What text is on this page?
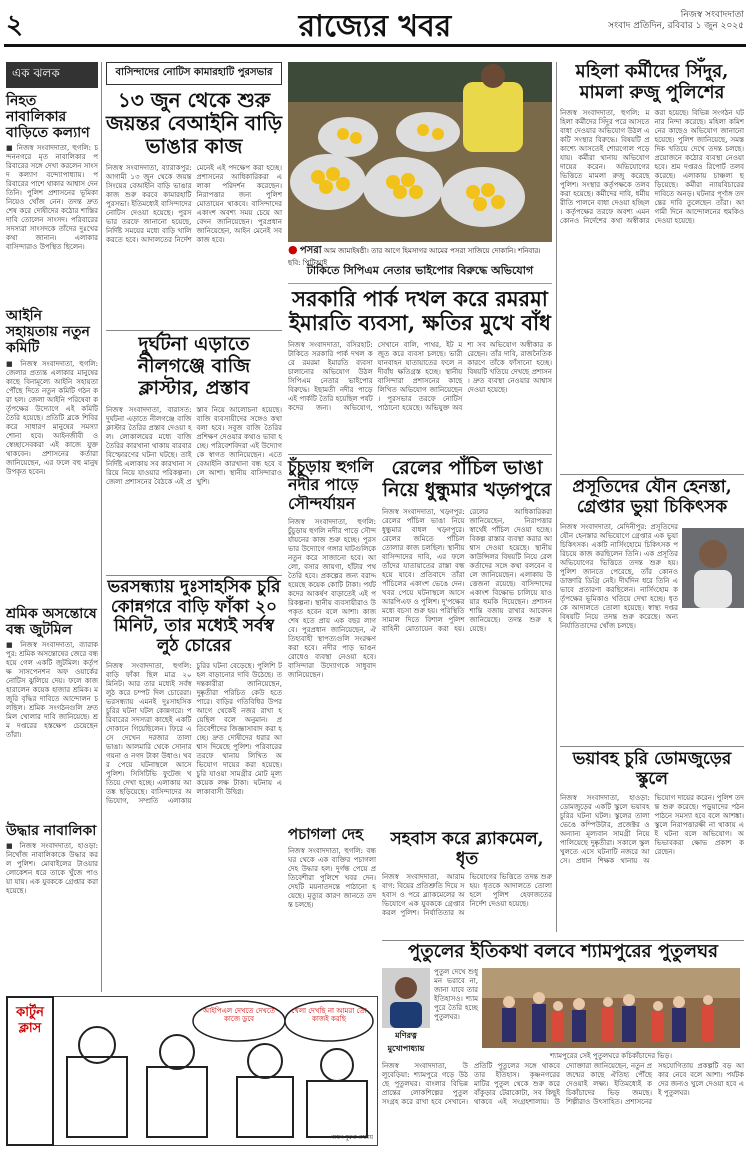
২	রাজ্যের খবর	নিজস্ব সংবাদদাতা
সংবাদ প্রতিদিন, রবিবার ১ জুন ২০২৫
এক ঝলক
নিহত নাবালিকার বাড়িতে কল্যাণ
■ নিজস্ব সংবাদদাতা, হুগলি: চন্দননগরে মৃত নাবালিকার পরিবারের সঙ্গে দেখা করলেন সাংসদ কল্যাণ বন্দ্যোপাধ্যায়। পরিবারের পাশে থাকার আশ্বাস দেন তিনি। পুলিশ প্রশাসনের ভূমিকা নিয়েও খোঁজ নেন। তদন্ত দ্রুত শেষ করে দোষীদের কঠোর শাস্তির দাবি তোলেন সাংসদ। পরিবারের সদস্যরা সাংসদকে তাঁদের দুঃখের কথা জানান। এলাকার বাসিন্দারাও উপস্থিত ছিলেন।
আইনি সহায়তায় নতুন কমিটি
■ নিজস্ব সংবাদদাতা, হুগলি: জেলার প্রত্যন্ত এলাকার মানুষের কাছে বিনামূল্যে আইনি সহায়তা পৌঁছে দিতে নতুন কমিটি গঠন করা হল। জেলা আইনি পরিষেবা কর্তৃপক্ষের উদ্যোগে এই কমিটি তৈরি হয়েছে। প্রতিটি ব্লকে শিবির করে সাধারণ মানুষের সমস্যা শোনা হবে। আইনজীবী ও স্বেচ্ছাসেবকরা এই কাজে যুক্ত থাকবেন। প্রশাসনের কর্তারা জানিয়েছেন, এর ফলে বহু মানুষ উপকৃত হবেন।
শ্রমিক অসন্তোষে বন্ধ জুটমিল
■ নিজস্ব সংবাদদাতা, ব্যারাকপুর: শ্রমিক অসন্তোষের জেরে বন্ধ হয়ে গেল একটি জুটমিল। কর্তৃপক্ষ সাসপেনশন অফ ওয়ার্কের নোটিস ঝুলিয়ে দেয়। ফলে কাজ হারালেন কয়েক হাজার শ্রমিক। মজুরি বৃদ্ধির দাবিতে আন্দোলন চলছিল। শ্রমিক সংগঠনগুলি দ্রুত মিল খোলার দাবি জানিয়েছে। শ্রম দপ্তরের হস্তক্ষেপ চেয়েছেন তাঁরা।
উদ্ধার নাবালিকা
■ নিজস্ব সংবাদদাতা, হাওড়া: নিখোঁজ নাবালিকাকে উদ্ধার করল পুলিশ। মোবাইলের টাওয়ার লোকেশন ধরে তাকে খুঁজে পাওয়া যায়। এক যুবককে গ্রেপ্তার করা হয়েছে।
বাসিন্দাদের নোটিস কামারহাটি পুরসভার
১৩ জুন থেকে শুরু জয়ন্তর বেআইনি বাড়ি ভাঙার কাজ
নিজস্ব সংবাদদাতা, ব্যারাকপুর: আগামী ১৩ জুন থেকে জয়ন্ত সিংয়ের বেআইনি বাড়ি ভাঙার কাজ শুরু করবে কামারহাটি পুরসভা। ইতিমধ্যেই বাসিন্দাদের নোটিস দেওয়া হয়েছে। পুরসভার তরফে জানানো হয়েছে, নির্দিষ্ট সময়ের মধ্যে বাড়ি খালি করতে হবে। আদালতের নির্দেশ মেনেই এই পদক্ষেপ করা হচ্ছে। প্রশাসনের আধিকারিকরা এলাকা পরিদর্শন করেছেন। নিরাপত্তার জন্য পুলিশ মোতায়েন থাকবে। বাসিন্দাদের একাংশ অবশ্য সময় চেয়ে আবেদন জানিয়েছেন। পুরপ্রধান জানিয়েছেন, আইন মেনেই সব কাজ হবে।
দুর্ঘটনা এড়াতে নীলগঞ্জে বাজি ক্লাস্টার, প্রস্তাব
নিজস্ব সংবাদদাতা, বারাসত: দুর্ঘটনা এড়াতে নীলগঞ্জে বাজি ক্লাস্টার তৈরির প্রস্তাব দেওয়া হল। লোকালয়ের মধ্যে বাজি তৈরির কারখানা থাকায় বারবার বিস্ফোরণের ঘটনা ঘটছে। তাই নির্দিষ্ট এলাকায় সব কারখানা সরিয়ে নিয়ে যাওয়ার পরিকল্পনা। জেলা প্রশাসনের বৈঠকে এই প্রস্তাব নিয়ে আলোচনা হয়েছে। বাজি ব্যবসায়ীদের সঙ্গেও কথা বলা হবে। সবুজ বাজি তৈরির প্রশিক্ষণ দেওয়ার কথাও ভাবা হচ্ছে। পরিবেশবিদরা এই উদ্যোগকে স্বাগত জানিয়েছেন। এতে বেআইনি কারখানা বন্ধ হবে বলে আশা। স্থানীয় বাসিন্দারাও খুশি।
● পসরা আম জামাইষষ্ঠী। তার আগে হিমসাগর আমের পসরা সাজিয়ে দোকানি। শনিবার। ছবি: পিটিআই
টাকিতে সিপিএম নেতার ভাইপোর বিরুদ্ধে অভিযোগ
সরকারি পার্ক দখল করে রমরমা ইমারতি ব্যবসা, ক্ষতির মুখে বাঁধ
নিজস্ব সংবাদদাতা, বসিরহাট: টাকিতে সরকারি পার্ক দখল করে রমরমা ইমারতি ব্যবসা চালানোর অভিযোগ উঠল সিপিএম নেতার ভাইপোর বিরুদ্ধে। ইছামতী নদীর পাড়ে এই পার্কটি তৈরি হয়েছিল পর্যটকদের জন্য। অভিযোগ, সেখানে বালি, পাথর, ইট মজুত করে ব্যবসা চলছে। ভারী যানবাহন যাতায়াতের ফলে নদীবাঁধ ক্ষতিগ্রস্ত হচ্ছে। স্থানীয় বাসিন্দারা প্রশাসনের কাছে লিখিত অভিযোগ জানিয়েছেন। পুরসভার তরফে নোটিস পাঠানো হয়েছে। অভিযুক্ত অবশ্য সব অভিযোগ অস্বীকার করেছেন। তাঁর দাবি, রাজনৈতিক কারণে তাঁকে ফাঁসানো হচ্ছে। বিষয়টি খতিয়ে দেখছে প্রশাসন। দ্রুত ব্যবস্থা নেওয়ার আশ্বাস দেওয়া হয়েছে।
চুঁচুড়ায় হুগলি নদীর পাড়ে সৌন্দর্যায়ন
নিজস্ব সংবাদদাতা, হুগলি: চুঁচুড়ায় হুগলি নদীর পাড়ে সৌন্দর্যায়নের কাজ শুরু হচ্ছে। পুরসভার উদ্যোগে গঙ্গার ঘাটগুলিকে নতুন করে সাজানো হবে। আলো, বসার জায়গা, হাঁটার পথ তৈরি হবে। প্রকল্পের জন্য বরাদ্দ হয়েছে কয়েক কোটি টাকা। পর্যটকদের আকর্ষণ বাড়াতেই এই পরিকল্পনা। স্থানীয় ব্যবসায়ীরাও উপকৃত হবেন বলে আশা। কাজ শেষ হতে প্রায় এক বছর লাগবে। পুরপ্রধান জানিয়েছেন, ঐতিহ্যবাহী স্থাপত্যগুলি সংরক্ষণ করা হবে। নদীর পাড় ভাঙন রোধেও ব্যবস্থা নেওয়া হবে। বাসিন্দারা উদ্যোগকে সাধুবাদ জানিয়েছেন।
রেলের পাঁচিল ভাঙা নিয়ে ধুন্ধুমার খড়্গপুরে
নিজস্ব সংবাদদাতা, খড়্গপুর: রেলের পাঁচিল ভাঙা নিয়ে ধুন্ধুমার বাধল খড়্গপুরে। রেলের জমিতে পাঁচিল তোলার কাজ চলছিল। স্থানীয় বাসিন্দাদের দাবি, এর ফলে তাঁদের যাতায়াতের রাস্তা বন্ধ হয়ে যাবে। প্রতিবাদে তাঁরা পাঁচিলের একাংশ ভেঙে দেন। খবর পেয়ে ঘটনাস্থলে আসে আরপিএফ ও পুলিশ। দু'পক্ষের মধ্যে বচসা শুরু হয়। পরিস্থিতি সামাল দিতে বিশাল পুলিশবাহিনী মোতায়েন করা হয়। রেলের আধিকারিকরা জানিয়েছেন, নিরাপত্তার স্বার্থেই পাঁচিল দেওয়া হচ্ছে। বিকল্প রাস্তার ব্যবস্থা করার আশ্বাস দেওয়া হয়েছে। স্থানীয় কাউন্সিলর বিষয়টি নিয়ে রেলকর্তাদের সঙ্গে কথা বলবেন বলে জানিয়েছেন। এলাকায় উত্তেজনা রয়েছে। বাসিন্দাদের একাংশ বিক্ষোভ চালিয়ে যাওয়ার হুমকি দিয়েছেন। প্রশাসন শান্তি বজায় রাখার আবেদন জানিয়েছে। তদন্ত শুরু হয়েছে।
পচাগলা দেহ
নিজস্ব সংবাদদাতা, হুগলি: বন্ধ ঘর থেকে এক ব্যক্তির পচাগলা দেহ উদ্ধার হল। দুর্গন্ধ পেয়ে প্রতিবেশীরা পুলিশে খবর দেন। দেহটি ময়নাতদন্তে পাঠানো হয়েছে। মৃত্যুর কারণ জানতে তদন্ত চলছে।
সহবাস করে ব্ল্যাকমেল, ধৃত
নিজস্ব সংবাদদাতা, আরামবাগ: বিয়ের প্রতিশ্রুতি দিয়ে সহবাস ও পরে ব্ল্যাকমেলের অভিযোগে এক যুবককে গ্রেপ্তার করল পুলিশ। নির্যাতিতার অভিযোগের ভিত্তিতে তদন্ত শুরু হয়। ধৃতকে আদালতে তোলা হলে পুলিশ হেফাজতের নির্দেশ দেওয়া হয়েছে।
ভরসন্ধ্যায় দুঃসাহসিক চুরি কোন্নগরে বাড়ি ফাঁকা ২০ মিনিট, তার মধ্যেই সর্বস্ব লুঠ চোরের
নিজস্ব সংবাদদাতা, হুগলি: বাড়ি ফাঁকা ছিল মাত্র ২০ মিনিট। আর তার মধ্যেই সর্বস্ব লুঠ করে চম্পট দিল চোরেরা। ভরসন্ধ্যায় এমনই দুঃসাহসিক চুরির ঘটনা ঘটল কোন্নগরে। পরিবারের সদস্যরা কাছেই একটি দোকানে গিয়েছিলেন। ফিরে এসে দেখেন দরজার তালা ভাঙা। আলমারি থেকে সোনার গয়না ও নগদ টাকা উধাও। খবর পেয়ে ঘটনাস্থলে আসে পুলিশ। সিসিটিভি ফুটেজ খতিয়ে দেখা হচ্ছে। এলাকায় আতঙ্ক ছড়িয়েছে। বাসিন্দাদের অভিযোগ, সম্প্রতি এলাকায় চুরির ঘটনা বেড়েছে। পুলিশি টহল বাড়ানোর দাবি উঠেছে। তদন্তকারীরা জানিয়েছেন, দুষ্কৃতীরা পরিচিত কেউ হতে পারে। বাড়ির গতিবিধির উপর আগে থেকেই নজর রাখা হয়েছিল বলে অনুমান। প্রতিবেশীদের জিজ্ঞাসাবাদ করা হচ্ছে। দ্রুত দোষীদের ধরার আশ্বাস দিয়েছে পুলিশ। পরিবারের তরফে থানায় লিখিত অভিযোগ দায়ের করা হয়েছে। চুরি যাওয়া সামগ্রীর মোট মূল্য কয়েক লক্ষ টাকা। ঘটনায় এলাকাবাসী উদ্বিগ্ন।
মহিলা কর্মীদের সিঁদুর, মামলা রুজু পুলিশের
নিজস্ব সংবাদদাতা, হুগলি: মহিলা কর্মীদের সিঁদুর পরে আসতে বাধা দেওয়ার অভিযোগ উঠল একটি সংস্থার বিরুদ্ধে। বিষয়টি প্রকাশ্যে আসতেই শোরগোল পড়ে যায়। কর্মীরা থানায় অভিযোগ দায়ের করেন। অভিযোগের ভিত্তিতে মামলা রুজু করেছে পুলিশ। সংস্থার কর্তৃপক্ষকে তলব করা হয়েছে। কর্মীদের দাবি, ধর্মীয় রীতি পালনে বাধা দেওয়া হচ্ছিল। কর্তৃপক্ষের তরফে অবশ্য এমন কোনও নির্দেশের কথা অস্বীকার করা হয়েছে। বিভিন্ন সংগঠন ঘটনার নিন্দা করেছে। মহিলা কমিশনের কাছেও অভিযোগ জানানো হয়েছে। পুলিশ জানিয়েছে, সমস্ত দিক খতিয়ে দেখে তদন্ত চলছে। প্রয়োজনে কঠোর ব্যবস্থা নেওয়া হবে। শ্রম দপ্তরও রিপোর্ট তলব করেছে। এলাকায় চাঞ্চল্য ছড়িয়েছে। কর্মীরা ন্যায়বিচারের দাবিতে অনড়। ঘটনার পূর্ণাঙ্গ তদন্তের দাবি তুলেছেন তাঁরা। আগামী দিনে আন্দোলনের হুমকিও দেওয়া হয়েছে।
প্রসূতিদের যৌন হেনস্তা, গ্রেপ্তার ভুয়া চিকিৎসক
নিজস্ব সংবাদদাতা, মেদিনীপুর: প্রসূতিদের যৌন হেনস্তার অভিযোগে গ্রেপ্তার এক ভুয়া চিকিৎসক। একটি নার্সিংহোমে চিকিৎসক পরিচয়ে কাজ করছিলেন তিনি। এক প্রসূতির অভিযোগের ভিত্তিতে তদন্ত শুরু হয়। পুলিশ জানতে পেরেছে, তাঁর কোনও ডাক্তারি ডিগ্রি নেই। দীর্ঘদিন ধরে তিনি এভাবে প্রতারণা করছিলেন। নার্সিংহোম কর্তৃপক্ষের ভূমিকাও খতিয়ে দেখা হচ্ছে। ধৃতকে আদালতে তোলা হয়েছে। স্বাস্থ্য দপ্তর বিষয়টি নিয়ে তদন্ত শুরু করেছে। অন্য নির্যাতিতাদের খোঁজ চলছে।
ভয়াবহ চুরি ডোমজুড়ের স্কুলে
নিজস্ব সংবাদদাতা, হাওড়া: ডোমজুড়ের একটি স্কুলে ভয়াবহ চুরির ঘটনা ঘটল। স্কুলের তালা ভেঙে কম্পিউটার, প্রজেক্টর ও অন্যান্য মূল্যবান সামগ্রী নিয়ে পালিয়েছে দুষ্কৃতীরা। সকালে স্কুল খুলতে এসে ঘটনাটি নজরে আসে। প্রধান শিক্ষক থানায় অভিযোগ দায়ের করেন। পুলিশ তদন্ত শুরু করেছে। পড়ুয়াদের পঠনপাঠনে সমস্যা হবে বলে আশঙ্কা। স্কুলে নিরাপত্তারক্ষী না থাকায় এই ঘটনা বলে অভিযোগ। অভিভাবকরা ক্ষোভ প্রকাশ করেছেন।
পুতুলের ইতিকথা বলবে শ্যামপুরের পুতুলঘর
মণিরত্ন মুখোপাধ্যায়
পুতুল দেখে শুধু মন ভরাবে না, জানা যাবে তার ইতিহাসও। শ্যামপুরে তৈরি হচ্ছে পুতুলঘর।
শ্যামপুরের সেই পুতুলঘরে কচিকাঁচাদের ভিড়।
নিজস্ব সংবাদদাতা, উলুবেড়িয়া: শ্যামপুরে গড়ে উঠছে পুতুলঘর। বাংলার বিভিন্ন প্রান্তের লোকশিল্পের পুতুল সংগ্রহ করে রাখা হবে সেখানে। প্রতিটি পুতুলের সঙ্গে থাকবে তার ইতিহাস। কৃষ্ণনগরের মাটির পুতুল থেকে শুরু করে বাঁকুড়ার টেরাকোটা, সব কিছুই থাকবে এই সংগ্রহশালায়। উদ্যোক্তারা জানিয়েছেন, নতুন প্রজন্মের কাছে ঐতিহ্য পৌঁছে দেওয়াই লক্ষ্য। ইতিমধ্যেই কচিকাঁচাদের ভিড় জমছে। শিল্পীরাও উৎসাহিত। প্রশাসনের সহযোগিতায় প্রকল্পটি বড় আকার নেবে বলে আশা। পর্যটকদের জন্যও খুলে দেওয়া হবে এই পুতুলঘর।
কার্টুন ক্লাস
আইপিএল দেখতে দেখতে কাজে ডুবে
খেলা দেখছি না আমরা তো কাজই করছি
অয়ন মুখোপাধ্যায়
